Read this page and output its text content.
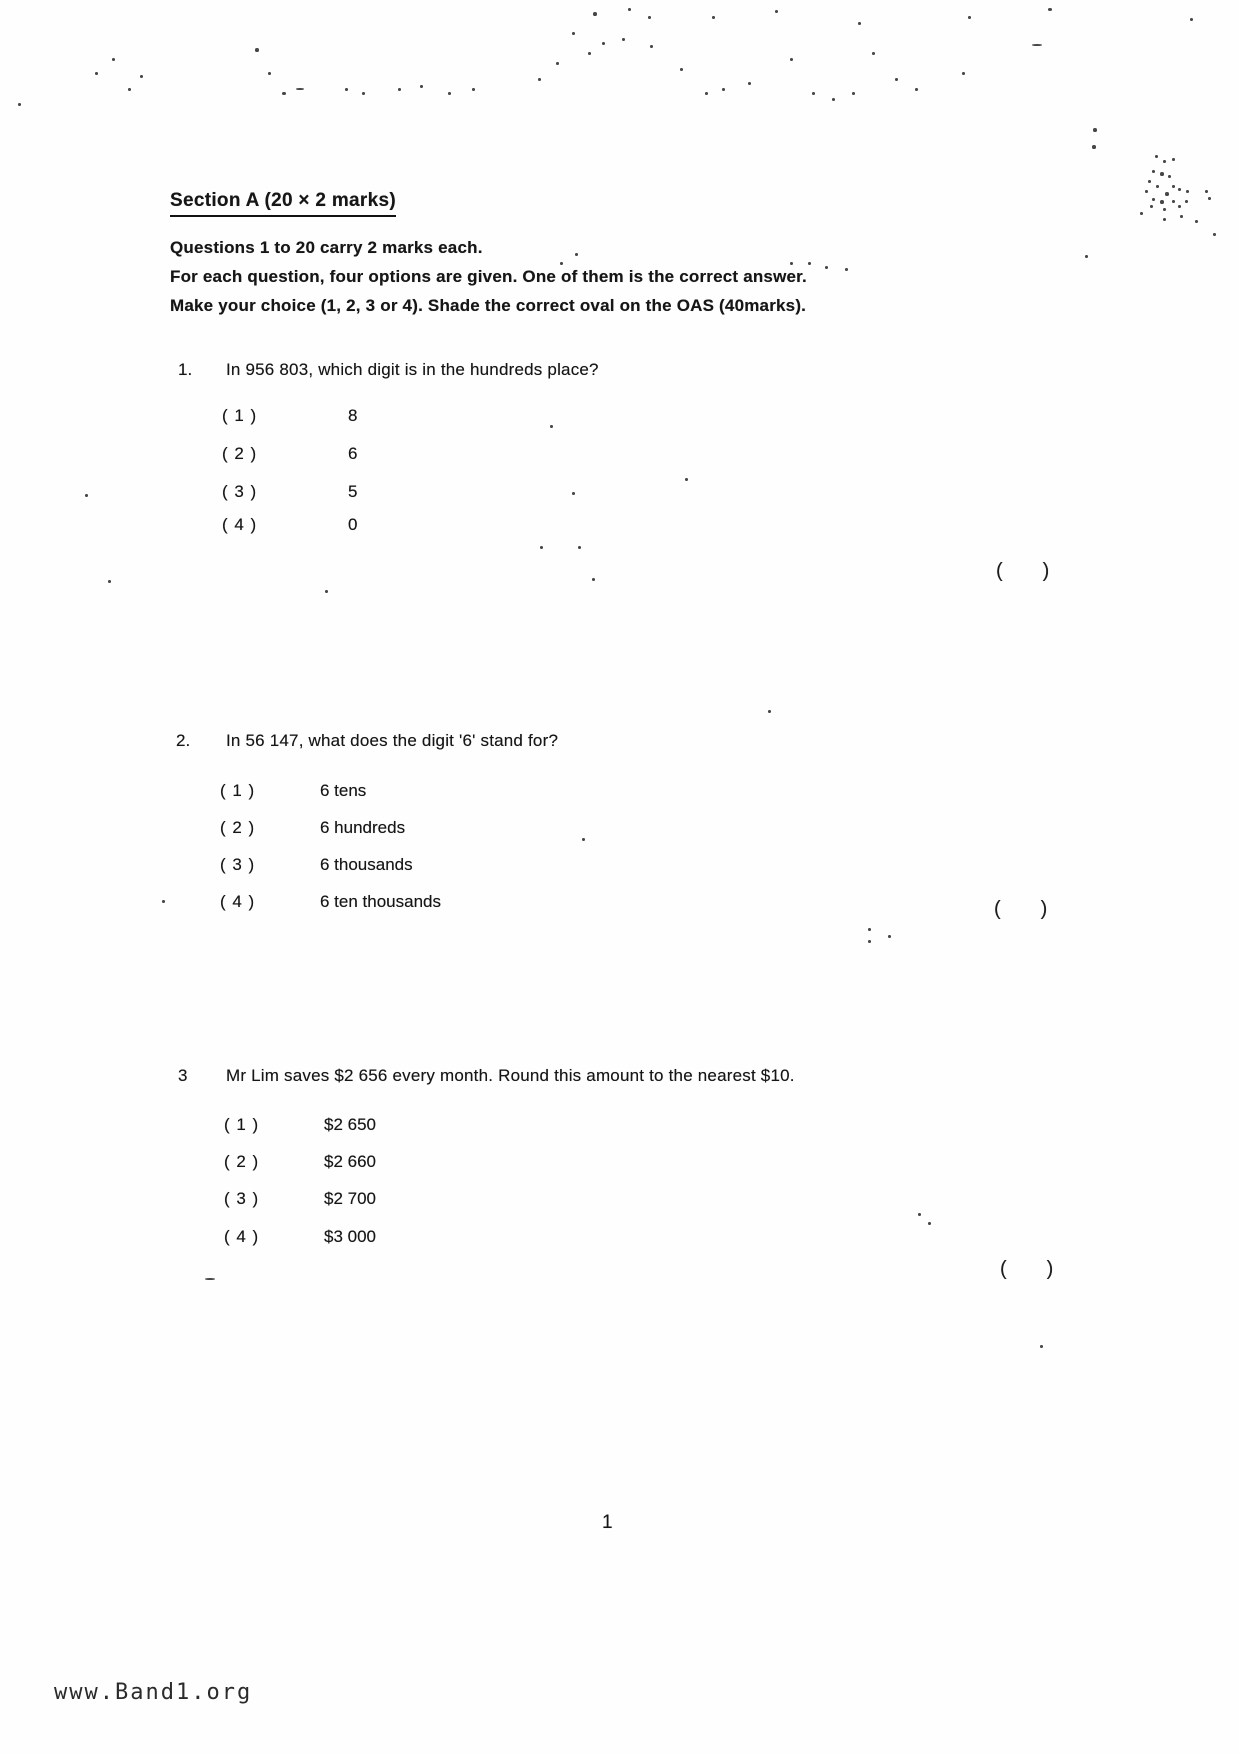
Section A (20 × 2 marks)

Questions 1 to 20 carry 2 marks each.

For each question, four options are given. One of them is the correct answer.

Make your choice (1, 2, 3 or 4). Shade the correct oval on the OAS (40marks).

1. In 956 803, which digit is in the hundreds place?
( 1 )	8
( 2 )	6
( 3 )	5
( 4 )	0
( )
2. In 56 147, what does the digit '6' stand for?
( 1 )	6 tens
( 2 )	6 hundreds
( 3 )	6 thousands
( 4 )	6 ten thousands	( )
3 Mr Lim saves $2 656 every month. Round this amount to the nearest $10.
( 1 )	$2 650
( 2 )	$2 660
( 3 )	$2 700
( 4 )	$3 000
( )
1
www.Band1.org
